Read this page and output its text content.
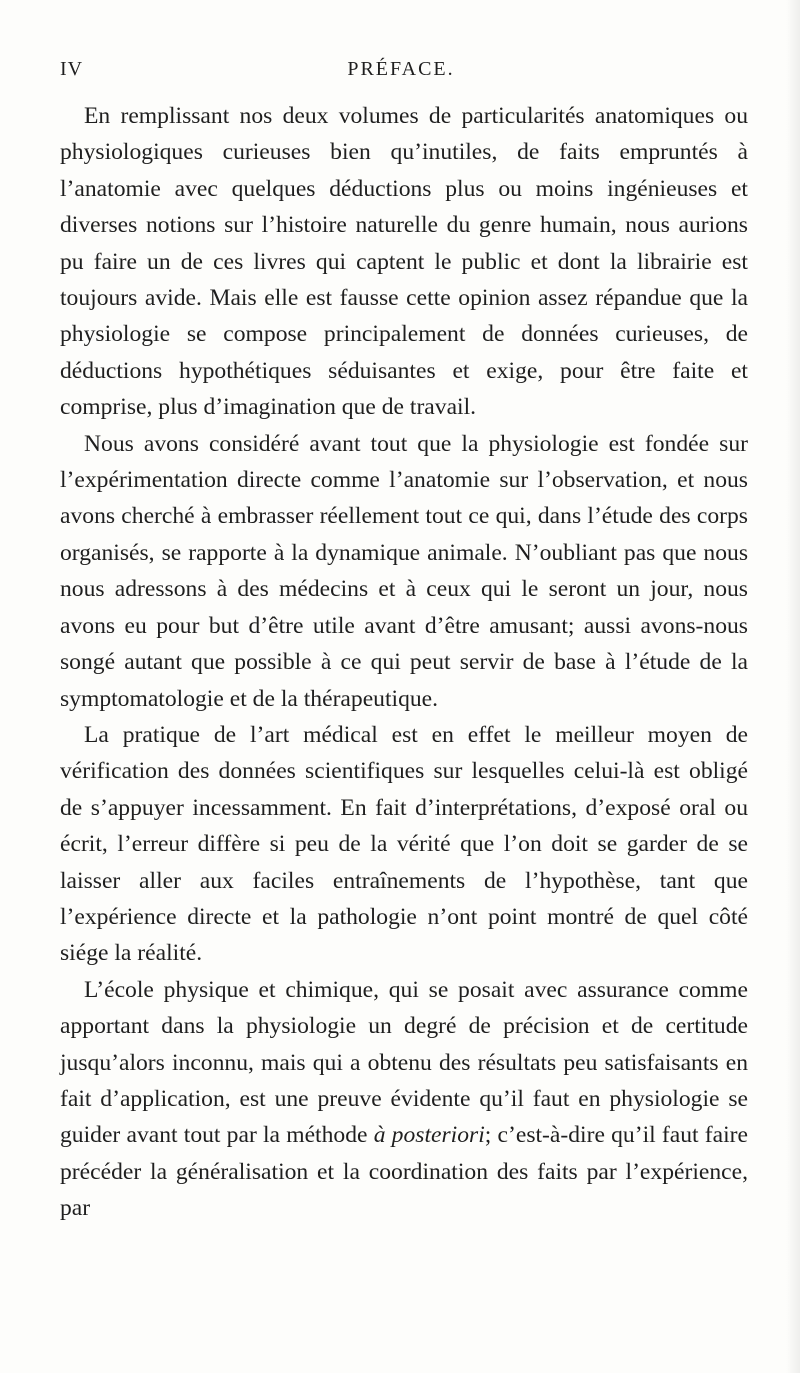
IV	PRÉFACE.

En remplissant nos deux volumes de particularités anatomiques ou physiologiques curieuses bien qu’inutiles, de faits empruntés à l’anatomie avec quelques déductions plus ou moins ingénieuses et diverses notions sur l’histoire naturelle du genre humain, nous aurions pu faire un de ces livres qui captent le public et dont la librairie est toujours avide. Mais elle est fausse cette opinion assez répandue que la physiologie se compose principalement de données curieuses, de déductions hypothétiques séduisantes et exige, pour être faite et comprise, plus d’imagination que de travail.

Nous avons considéré avant tout que la physiologie est fondée sur l’expérimentation directe comme l’anatomie sur l’observation, et nous avons cherché à embrasser réellement tout ce qui, dans l’étude des corps organisés, se rapporte à la dynamique animale. N’oubliant pas que nous nous adressons à des médecins et à ceux qui le seront un jour, nous avons eu pour but d’être utile avant d’être amusant; aussi avons-nous songé autant que possible à ce qui peut servir de base à l’étude de la symptomatologie et de la thérapeutique.

La pratique de l’art médical est en effet le meilleur moyen de vérification des données scientifiques sur lesquelles celui-là est obligé de s’appuyer incessamment. En fait d’interprétations, d’exposé oral ou écrit, l’erreur diffère si peu de la vérité que l’on doit se garder de se laisser aller aux faciles entraînements de l’hypothèse, tant que l’expérience directe et la pathologie n’ont point montré de quel côté siége la réalité.

L’école physique et chimique, qui se posait avec assurance comme apportant dans la physiologie un degré de précision et de certitude jusqu’alors inconnu, mais qui a obtenu des résultats peu satisfaisants en fait d’application, est une preuve évidente qu’il faut en physiologie se guider avant tout par la méthode à posteriori; c’est-à-dire qu’il faut faire précéder la généralisation et la coordination des faits par l’expérience, par
